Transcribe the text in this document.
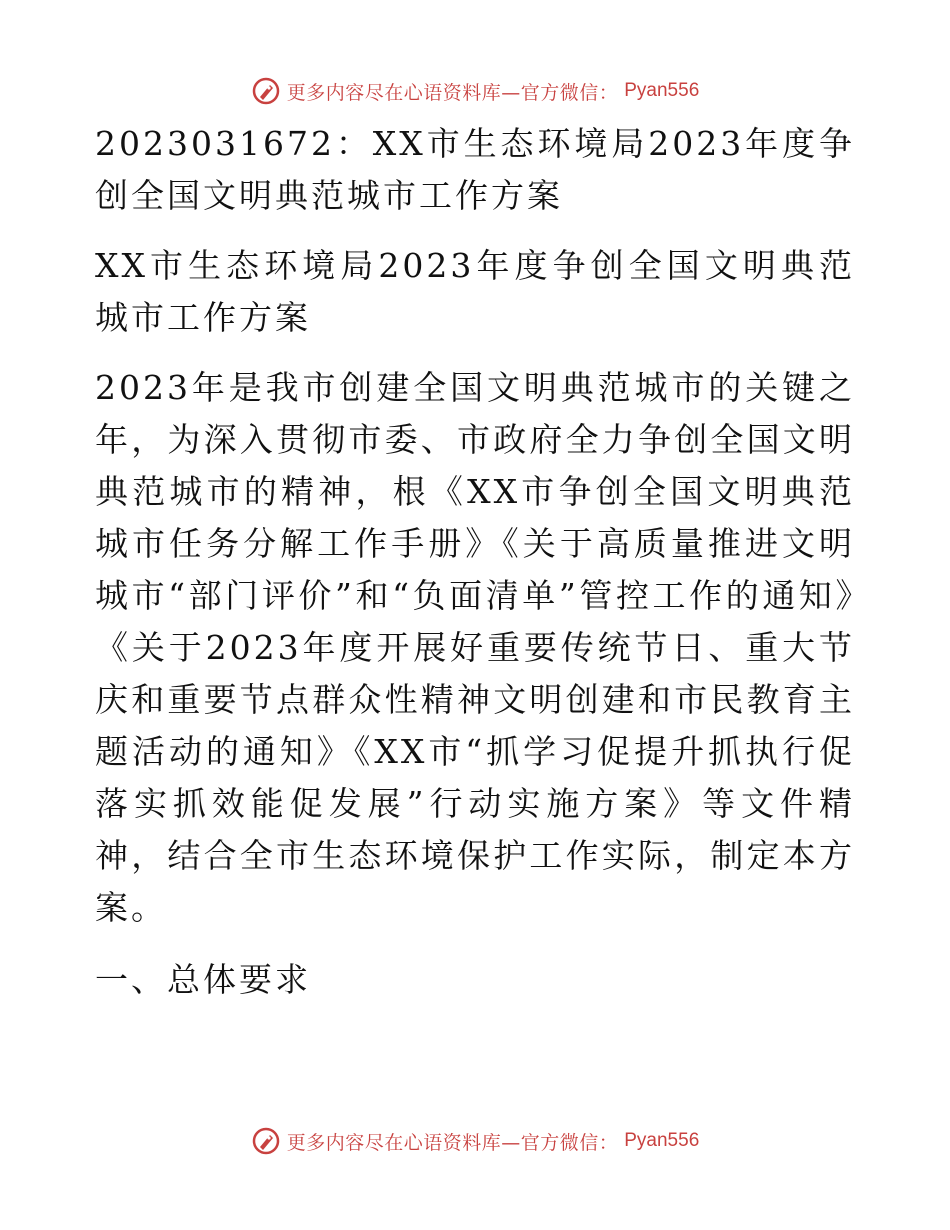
更多内容尽在心语资料库—官方微信： Pyan556

2023031672：XX市生态环境局2023年度争创全国文明典范城市工作方案

XX市生态环境局2023年度争创全国文明典范城市工作方案

2023年是我市创建全国文明典范城市的关键之年，为深入贯彻市委、市政府全力争创全国文明典范城市的精神，根《XX市争创全国文明典范城市任务分解工作手册》《关于高质量推进文明城市“部门评价”和“负面清单”管控工作的通知》《关于2023年度开展好重要传统节日、重大节庆和重要节点群众性精神文明创建和市民教育主题活动的通知》《XX市“抓学习促提升抓执行促落实抓效能促发展”行动实施方案》等文件精神，结合全市生态环境保护工作实际，制定本方案。

一、总体要求

更多内容尽在心语资料库—官方微信： Pyan556
